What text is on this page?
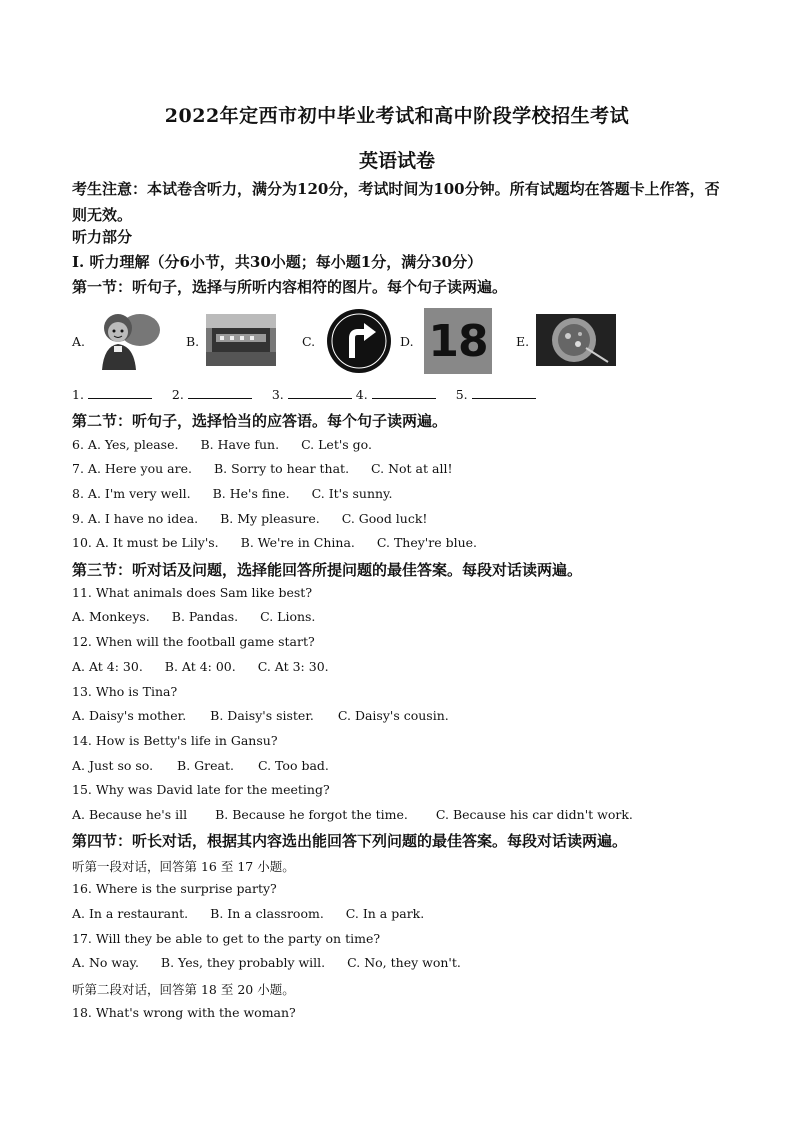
2022年定西市初中毕业考试和高中阶段学校招生考试
英语试卷
考生注意：本试卷含听力，满分为120分，考试时间为100分钟。所有试题均在答题卡上作答，否则无效。
听力部分
Ⅰ. 听力理解（分6小节，共30小题；每小题1分，满分30分）
第一节：听句子，选择与所听内容相符的图片。每个句子读两遍。
A.	B.	C.	D. 18 E.
1.	2.	3.	4.	5.
第二节：听句子，选择恰当的应答语。每个句子读两遍。
6. A. Yes, please. B. Have fun. C. Let's go.
7. A. Here you are. B. Sorry to hear that. C. Not at all!
8. A. I'm very well. B. He's fine. C. It's sunny.
9. A. I have no idea. B. My pleasure. C. Good luck!
10. A. It must be Lily's. B. We're in China. C. They're blue.
第三节：听对话及问题，选择能回答所提问题的最佳答案。每段对话读两遍。
11. What animals does Sam like best?
A. Monkeys. B. Pandas. C. Lions.
12. When will the football game start?
A. At 4: 30. B. At 4: 00. C. At 3: 30.
13. Who is Tina?
A. Daisy's mother. B. Daisy's sister. C. Daisy's cousin.
14. How is Betty's life in Gansu?
A. Just so so. B. Great. C. Too bad.
15. Why was David late for the meeting?
A. Because he's ill B. Because he forgot the time. C. Because his car didn't work.
第四节：听长对话，根据其内容选出能回答下列问题的最佳答案。每段对话读两遍。
听第一段对话，回答第 16 至 17 小题。
16. Where is the surprise party?
A. In a restaurant. B. In a classroom. C. In a park.
17. Will they be able to get to the party on time?
A. No way. B. Yes, they probably will. C. No, they won't.
听第二段对话，回答第 18 至 20 小题。
18. What's wrong with the woman?
